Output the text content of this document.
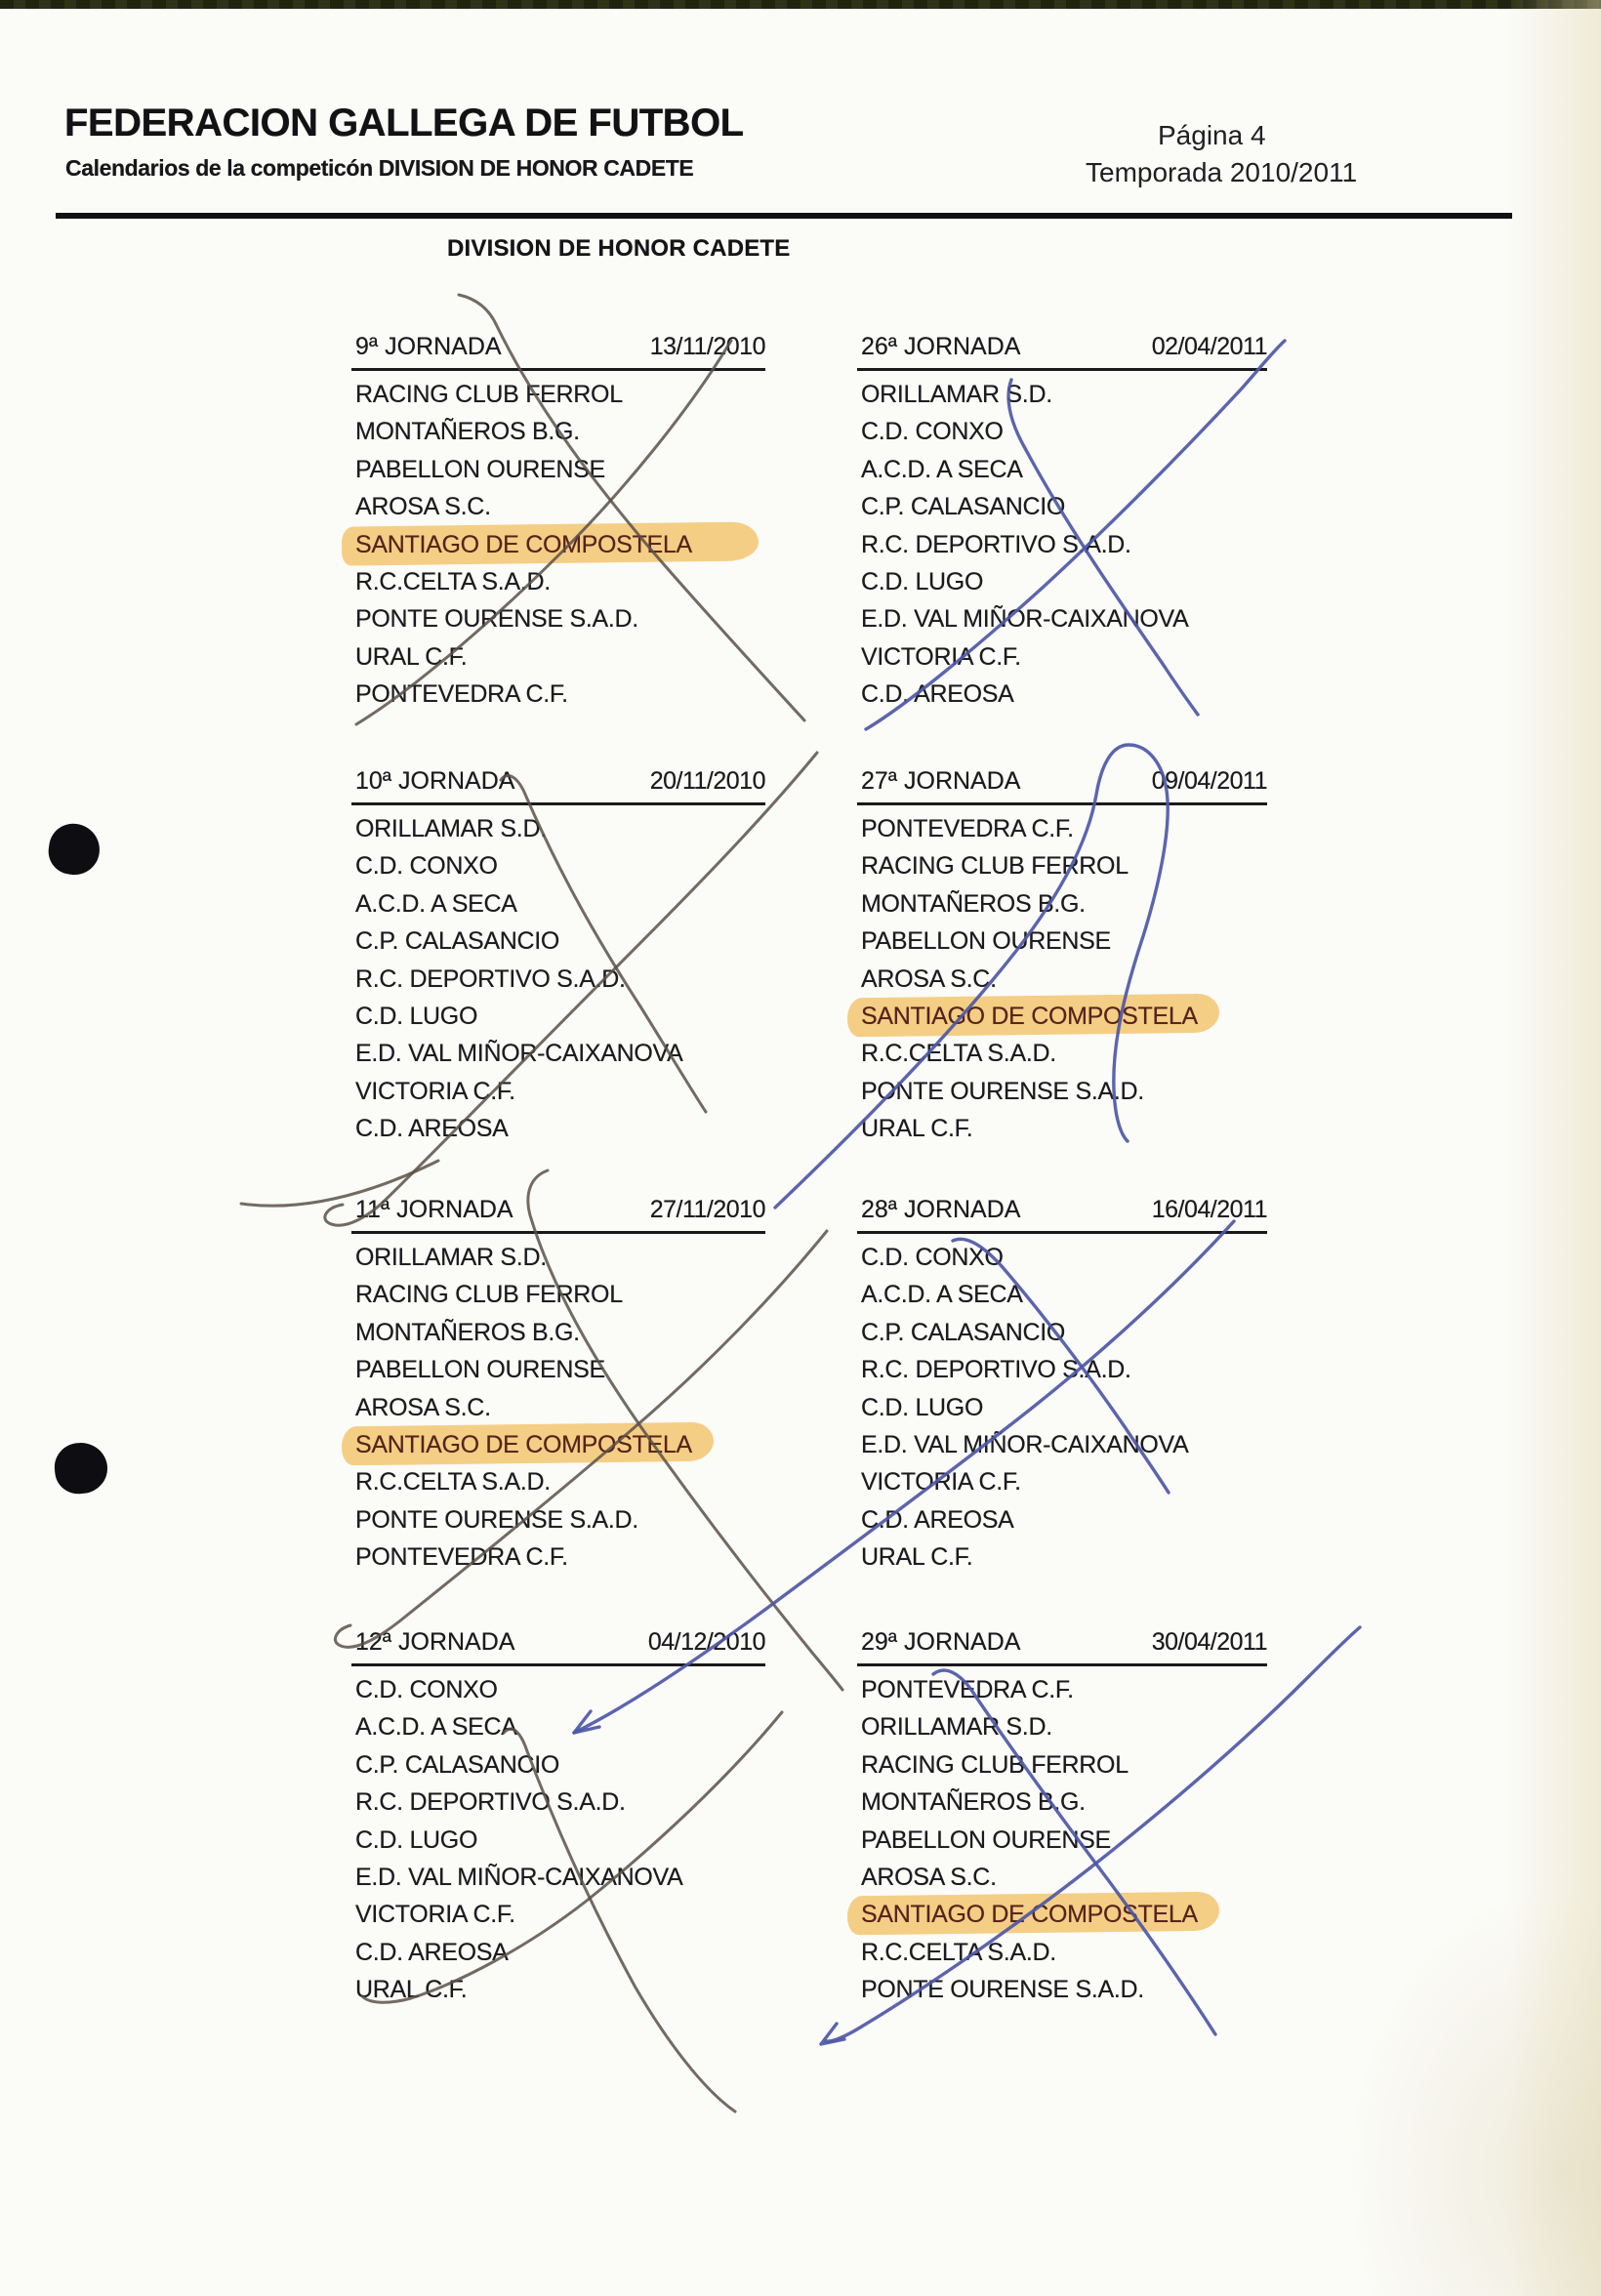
FEDERACION GALLEGA DE FUTBOL
Calendarios de la competicón DIVISION DE HONOR CADETE
Página 4
Temporada 2010/2011
DIVISION DE HONOR CADETE
9ª JORNADA	13/11/2010
RACING CLUB FERROL
MONTAÑEROS B.G.
PABELLON OURENSE
AROSA S.C.
SANTIAGO DE COMPOSTELA
R.C.CELTA S.A.D.
PONTE OURENSE S.A.D.
URAL C.F.
PONTEVEDRA C.F.
26ª JORNADA	02/04/2011
ORILLAMAR S.D.
C.D. CONXO
A.C.D. A SECA
C.P. CALASANCIO
R.C. DEPORTIVO S.A.D.
C.D. LUGO
E.D. VAL MIÑOR-CAIXANOVA
VICTORIA C.F.
C.D. AREOSA
10ª JORNADA	20/11/2010
ORILLAMAR S.D.
C.D. CONXO
A.C.D. A SECA
C.P. CALASANCIO
R.C. DEPORTIVO S.A.D.
C.D. LUGO
E.D. VAL MIÑOR-CAIXANOVA
VICTORIA C.F.
C.D. AREOSA
27ª JORNADA	09/04/2011
PONTEVEDRA C.F.
RACING CLUB FERROL
MONTAÑEROS B.G.
PABELLON OURENSE
AROSA S.C.
SANTIAGO DE COMPOSTELA
R.C.CELTA S.A.D.
PONTE OURENSE S.A.D.
URAL C.F.
11ª JORNADA	27/11/2010
ORILLAMAR S.D.
RACING CLUB FERROL
MONTAÑEROS B.G.
PABELLON OURENSE
AROSA S.C.
SANTIAGO DE COMPOSTELA
R.C.CELTA S.A.D.
PONTE OURENSE S.A.D.
PONTEVEDRA C.F.
28ª JORNADA	16/04/2011
C.D. CONXO
A.C.D. A SECA
C.P. CALASANCIO
R.C. DEPORTIVO S.A.D.
C.D. LUGO
E.D. VAL MIÑOR-CAIXANOVA
VICTORIA C.F.
C.D. AREOSA
URAL C.F.
12ª JORNADA	04/12/2010
C.D. CONXO
A.C.D. A SECA
C.P. CALASANCIO
R.C. DEPORTIVO S.A.D.
C.D. LUGO
E.D. VAL MIÑOR-CAIXANOVA
VICTORIA C.F.
C.D. AREOSA
URAL C.F.
29ª JORNADA	30/04/2011
PONTEVEDRA C.F.
ORILLAMAR S.D.
RACING CLUB FERROL
MONTAÑEROS B.G.
PABELLON OURENSE
AROSA S.C.
SANTIAGO DE COMPOSTELA
R.C.CELTA S.A.D.
PONTE OURENSE S.A.D.
